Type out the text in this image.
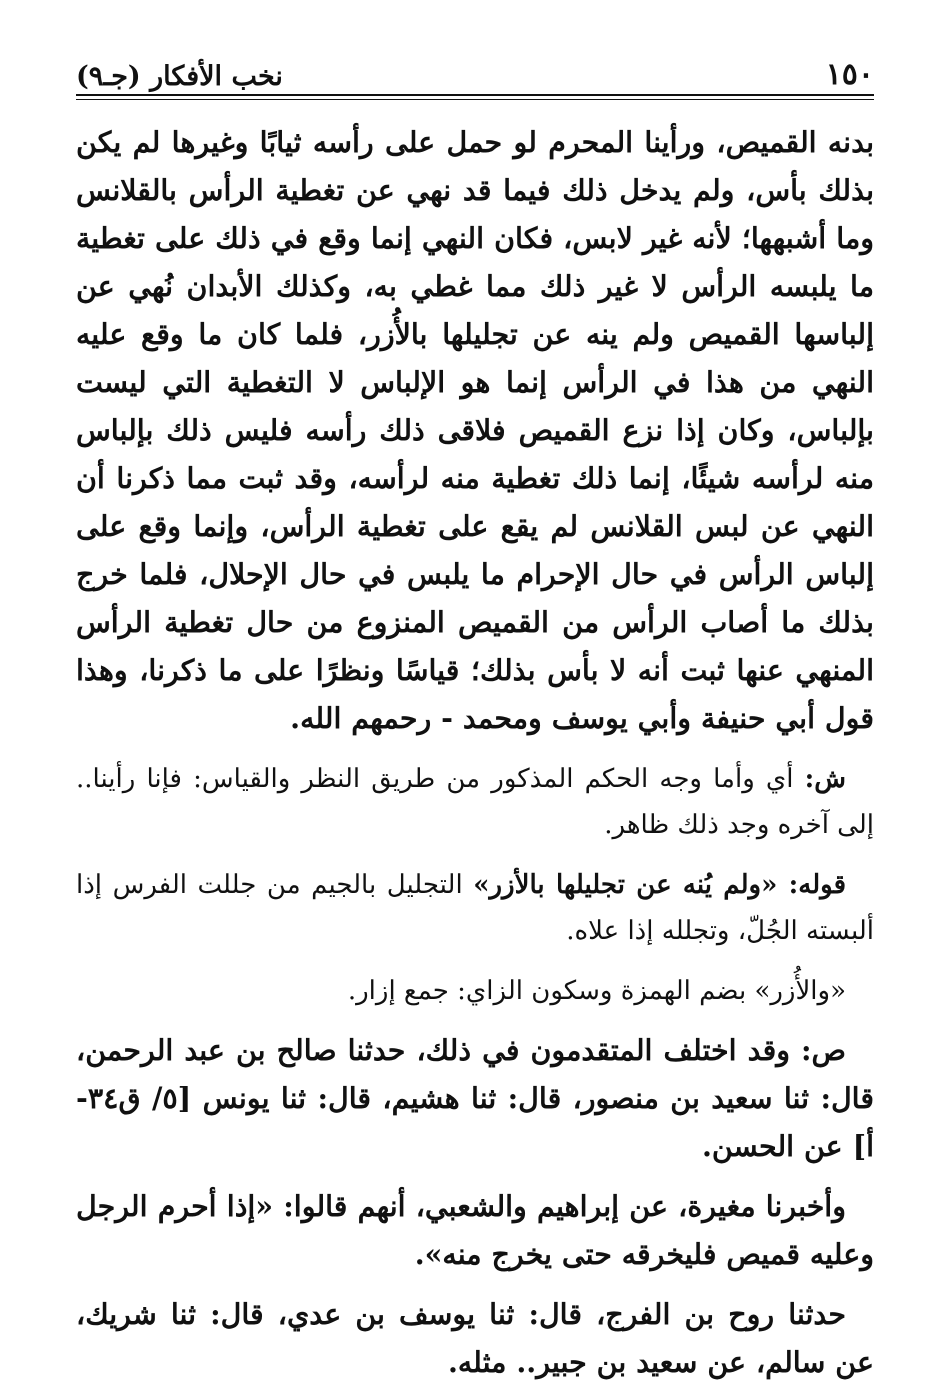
١٥٠
نخب الأفكار (جـ٩)

بدنه القميص، ورأينا المحرم لو حمل على رأسه ثيابًا وغيرها لم يكن بذلك بأس، ولم يدخل ذلك فيما قد نهي عن تغطية الرأس بالقلانس وما أشبهها؛ لأنه غير لابس، فكان النهي إنما وقع في ذلك على تغطية ما يلبسه الرأس لا غير ذلك مما غطي به، وكذلك الأبدان نُهي عن إلباسها القميص ولم ينه عن تجليلها بالأُزر، فلما كان ما وقع عليه النهي من هذا في الرأس إنما هو الإلباس لا التغطية التي ليست بإلباس، وكان إذا نزع القميص فلاقى ذلك رأسه فليس ذلك بإلباس منه لرأسه شيئًا، إنما ذلك تغطية منه لرأسه، وقد ثبت مما ذكرنا أن النهي عن لبس القلانس لم يقع على تغطية الرأس، وإنما وقع على إلباس الرأس في حال الإحرام ما يلبس في حال الإحلال، فلما خرج بذلك ما أصاب الرأس من القميص المنزوع من حال تغطية الرأس المنهي عنها ثبت أنه لا بأس بذلك؛ قياسًا ونظرًا على ما ذكرنا، وهذا قول أبي حنيفة وأبي يوسف ومحمد - رحمهم الله.

ش: أي وأما وجه الحكم المذكور من طريق النظر والقياس: فإنا رأينا.. إلى آخره وجد ذلك ظاهر.

قوله: «ولم يُنه عن تجليلها بالأزر» التجليل بالجيم من جللت الفرس إذا ألبسته الجُلّ، وتجلله إذا علاه.

«والأُزر» بضم الهمزة وسكون الزاي: جمع إزار.

ص: وقد اختلف المتقدمون في ذلك، حدثنا صالح بن عبد الرحمن، قال: ثنا سعيد بن منصور، قال: ثنا هشيم، قال: ثنا يونس [٥/ ق٣٤-أ] عن الحسن.

وأخبرنا مغيرة، عن إبراهيم والشعبي، أنهم قالوا: «إذا أحرم الرجل وعليه قميص فليخرقه حتى يخرج منه».

حدثنا روح بن الفرج، قال: ثنا يوسف بن عدي، قال: ثنا شريك، عن سالم، عن سعيد بن جبير.. مثله.
